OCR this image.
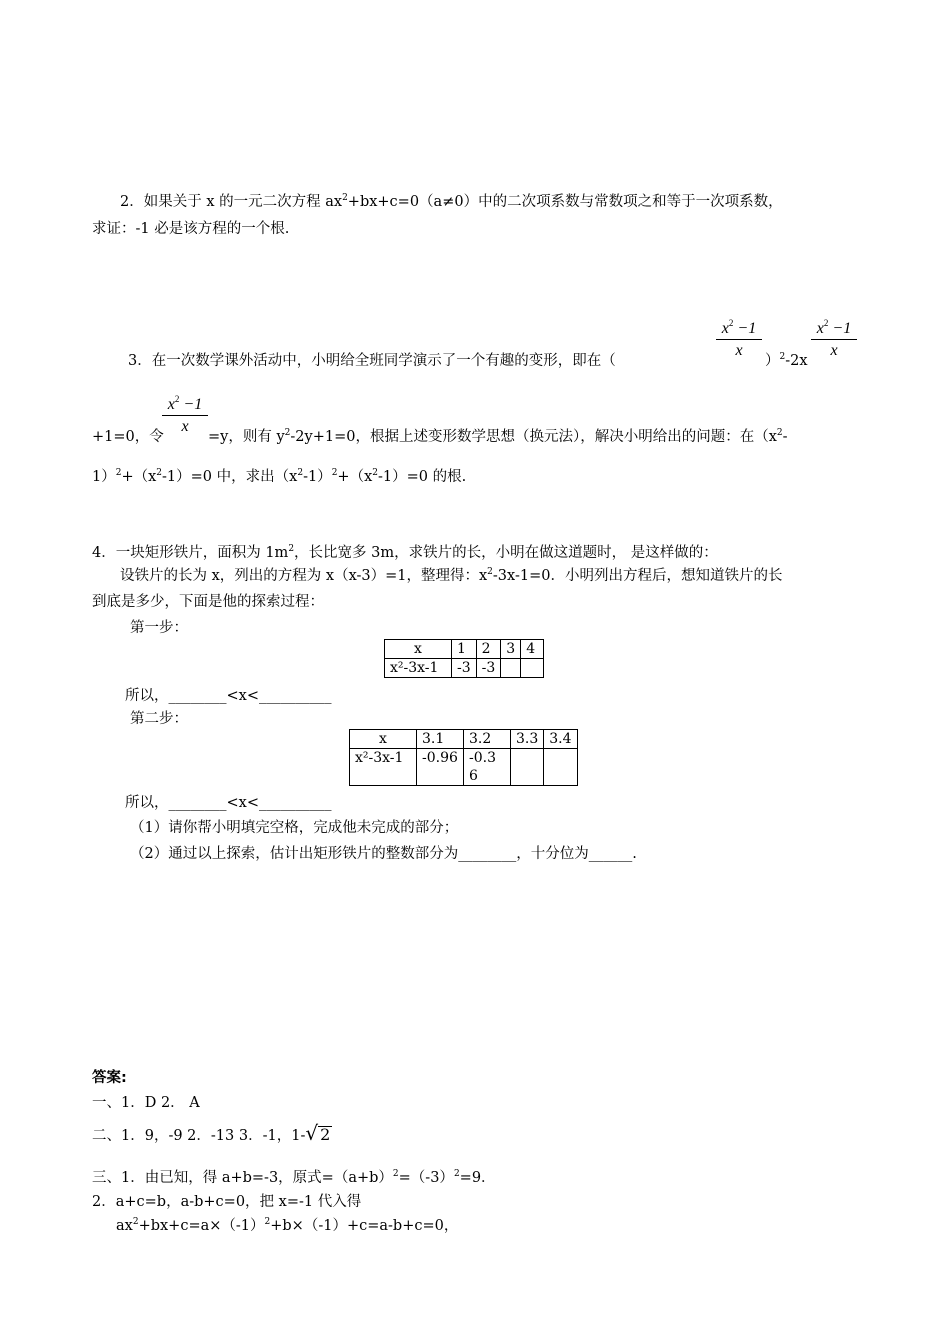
2．如果关于 x 的一元二次方程 $ax^2+bx+c=0(a\ne 0)$中的二次项系数与常数项之和等于一次项系数，
求证：-1 必是该方程的一个根.
$x^2 -1$
x
$x^2 -1$
x
3．在一次数学课外活动中，小明给全班同学演示了一个有趣的变形，即在（	）$^2$-2x
$x^2 -1$
x
+1=0，令	=y，则有 $y^2-2y+1=0$，根据上述变形数学思想（换元法），解决小明给出的问题：在（$x^2-$
$1)^2+(x^2-1)=0$ 中，求出$(x^2-1)^2+(x^2-1)=0$ 的根.
4．一块矩形铁片，面积为 $1m^2$，长比宽多 3m，求铁片的长，小明在做这道题时， 是这样做的：
设铁片的长为 x，列出的方程为 x（x-3）=1，整理得：$x^2-3x-1=0$．小明列出方程后，想知道铁片的长
到底是多少，下面是他的探索过程：
第一步：
x	1	2	3	4
x²-3x-1	-3	-3		
所以，________<x<__________
第二步：
x	3.1	3.2	3.3	3.4
x²-3x-1	-0.96	-0.3 6		
所以，________<x<__________
（1）请你帮小明填完空格，完成他未完成的部分；
（2）通过以上探索，估计出矩形铁片的整数部分为________，十分位为______.
答案:
一、1．D 2． A
二、1．9，-9 2．-13 3．-1，1-√ 2
三、1．由已知，得 a+b=-3，原式$=(a+b)^2=(-3)^2=9$．
2．a+c=b，a-b+c=0，把 x=-1 代入得
$ax^2+bx+c=a\times(-1)^2+b\times(-1)+c=a-b+c=0$，
